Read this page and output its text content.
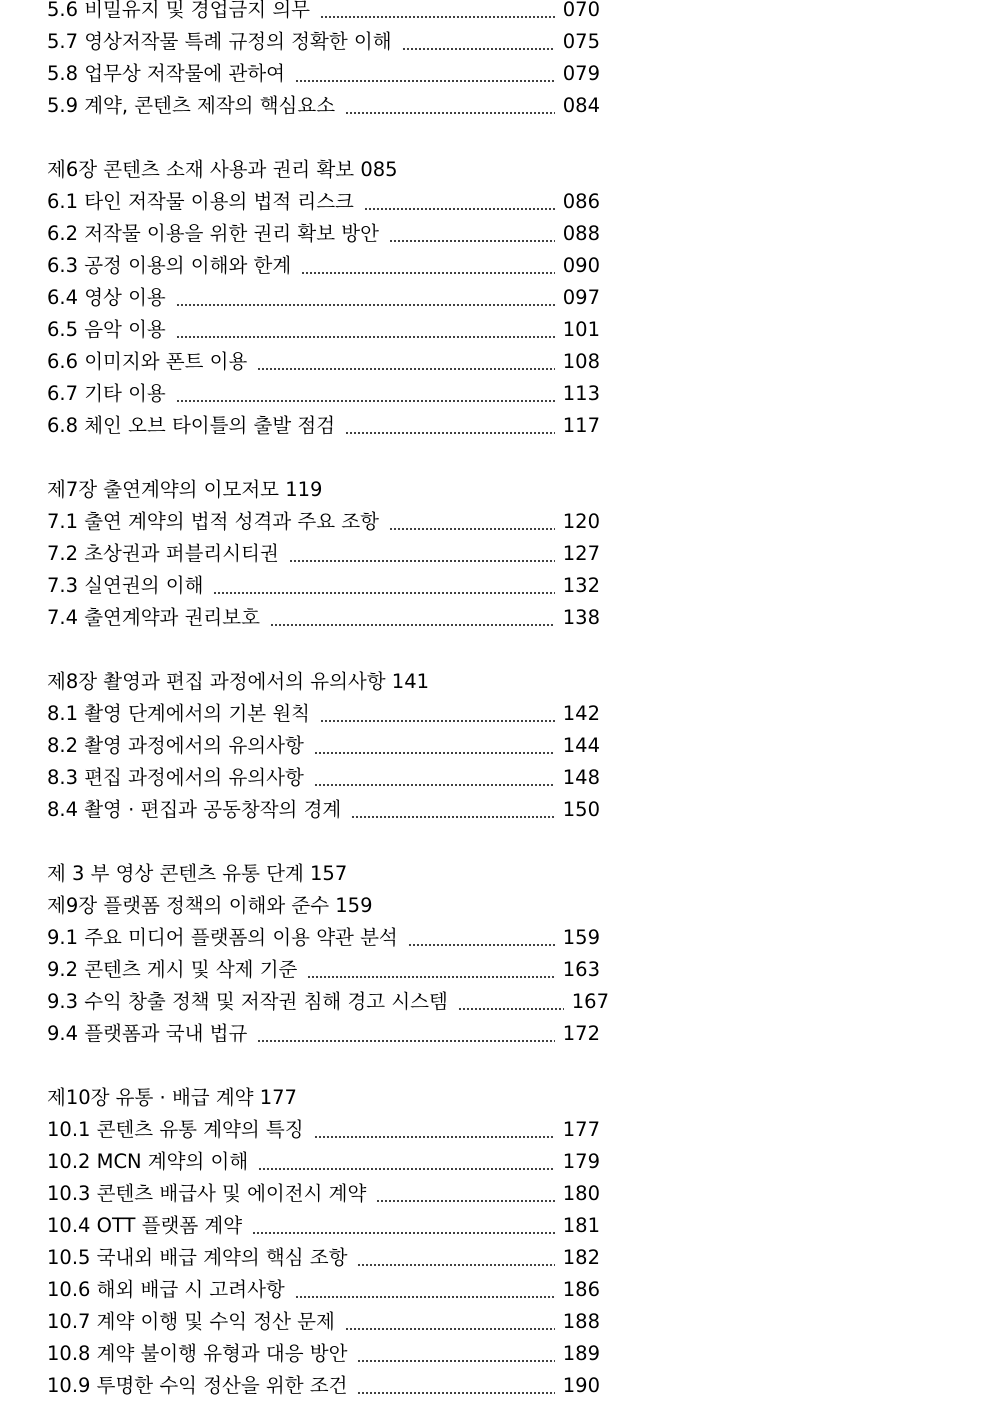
5.6 비밀유지 및 경업금지 의무	070
5.7 영상저작물 특례 규정의 정확한 이해	075
5.8 업무상 저작물에 관하여	079
5.9 계약, 콘텐츠 제작의 핵심요소	084
제6장 콘텐츠 소재 사용과 권리 확보 085
6.1 타인 저작물 이용의 법적 리스크	086
6.2 저작물 이용을 위한 권리 확보 방안	088
6.3 공정 이용의 이해와 한계	090
6.4 영상 이용	097
6.5 음악 이용	101
6.6 이미지와 폰트 이용	108
6.7 기타 이용	113
6.8 체인 오브 타이틀의 출발 점검	117
제7장 출연계약의 이모저모 119
7.1 출연 계약의 법적 성격과 주요 조항	120
7.2 초상권과 퍼블리시티권	127
7.3 실연권의 이해	132
7.4 출연계약과 권리보호	138
제8장 촬영과 편집 과정에서의 유의사항 141
8.1 촬영 단계에서의 기본 원칙	142
8.2 촬영 과정에서의 유의사항	144
8.3 편집 과정에서의 유의사항	148
8.4 촬영 · 편집과 공동창작의 경계	150
제 3 부 영상 콘텐츠 유통 단계 157
제9장 플랫폼 정책의 이해와 준수 159
9.1 주요 미디어 플랫폼의 이용 약관 분석	159
9.2 콘텐츠 게시 및 삭제 기준	163
9.3 수익 창출 정책 및 저작권 침해 경고 시스템	167
9.4 플랫폼과 국내 법규	172
제10장 유통 · 배급 계약 177
10.1 콘텐츠 유통 계약의 특징	177
10.2 MCN 계약의 이해	179
10.3 콘텐츠 배급사 및 에이전시 계약	180
10.4 OTT 플랫폼 계약	181
10.5 국내외 배급 계약의 핵심 조항	182
10.6 해외 배급 시 고려사항	186
10.7 계약 이행 및 수익 정산 문제	188
10.8 계약 불이행 유형과 대응 방안	189
10.9 투명한 수익 정산을 위한 조건	190
